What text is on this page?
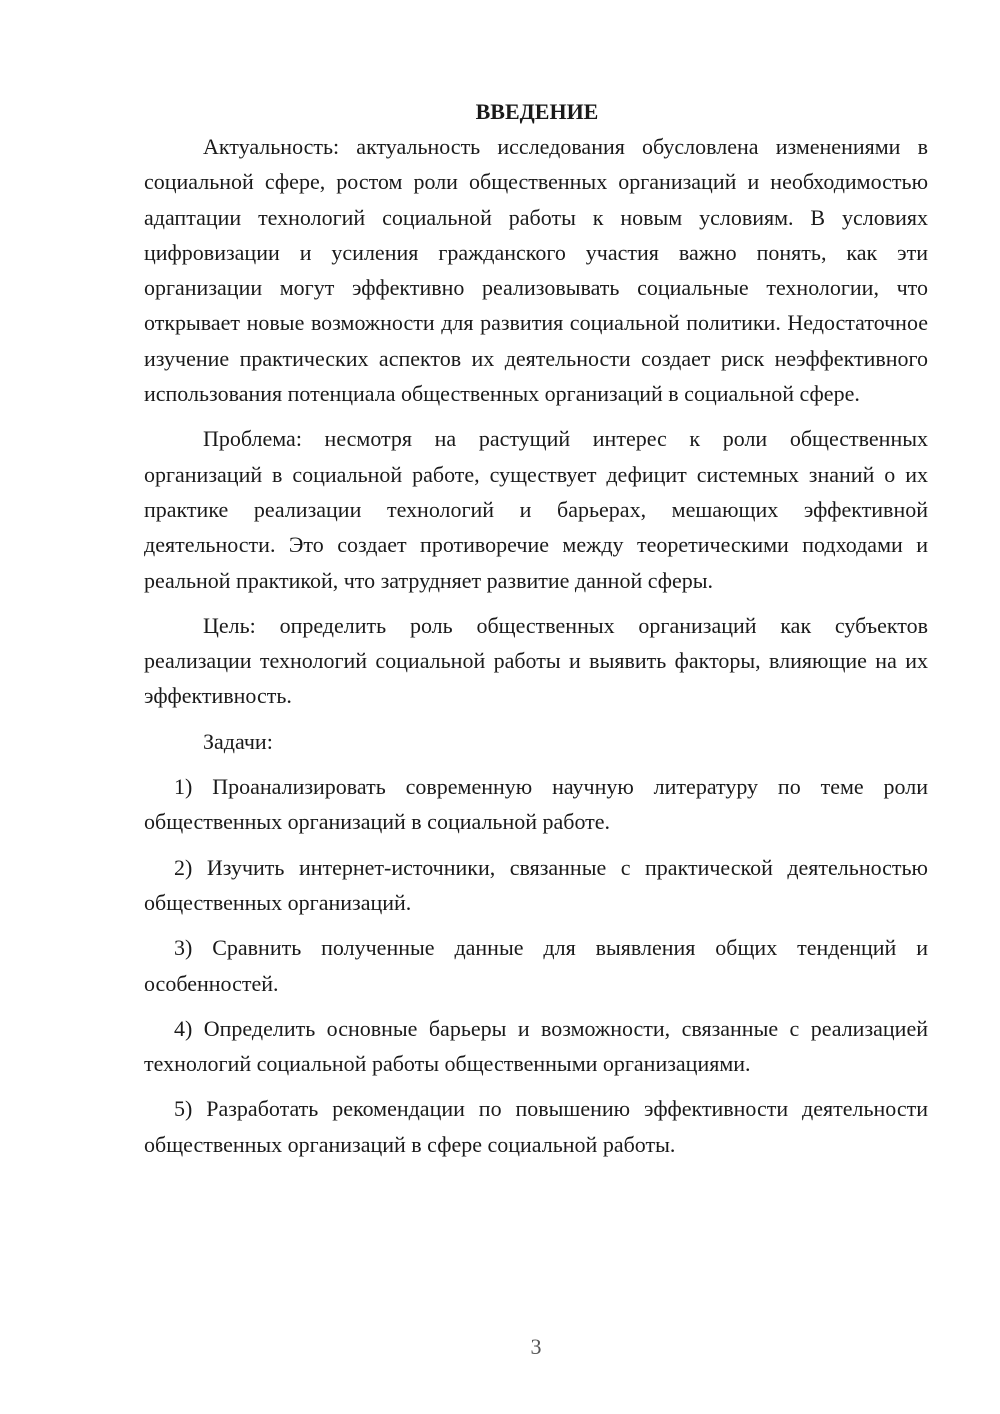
ВВЕДЕНИЕ

Актуальность: актуальность исследования обусловлена изменениями в социальной сфере, ростом роли общественных организаций и необходимостью адаптации технологий социальной работы к новым условиям. В условиях цифровизации и усиления гражданского участия важно понять, как эти организации могут эффективно реализовывать социальные технологии, что открывает новые возможности для развития социальной политики. Недостаточное изучение практических аспектов их деятельности создает риск неэффективного использования потенциала общественных организаций в социальной сфере.

Проблема: несмотря на растущий интерес к роли общественных организаций в социальной работе, существует дефицит системных знаний о их практике реализации технологий и барьерах, мешающих эффективной деятельности. Это создает противоречие между теоретическими подходами и реальной практикой, что затрудняет развитие данной сферы.

Цель: определить роль общественных организаций как субъектов реализации технологий социальной работы и выявить факторы, влияющие на их эффективность.

Задачи:

1) Проанализировать современную научную литературу по теме роли общественных организаций в социальной работе.

2) Изучить интернет-источники, связанные с практической деятельностью общественных организаций.

3) Сравнить полученные данные для выявления общих тенденций и особенностей.

4) Определить основные барьеры и возможности, связанные с реализацией технологий социальной работы общественными организациями.

5) Разработать рекомендации по повышению эффективности деятельности общественных организаций в сфере социальной работы.

3
